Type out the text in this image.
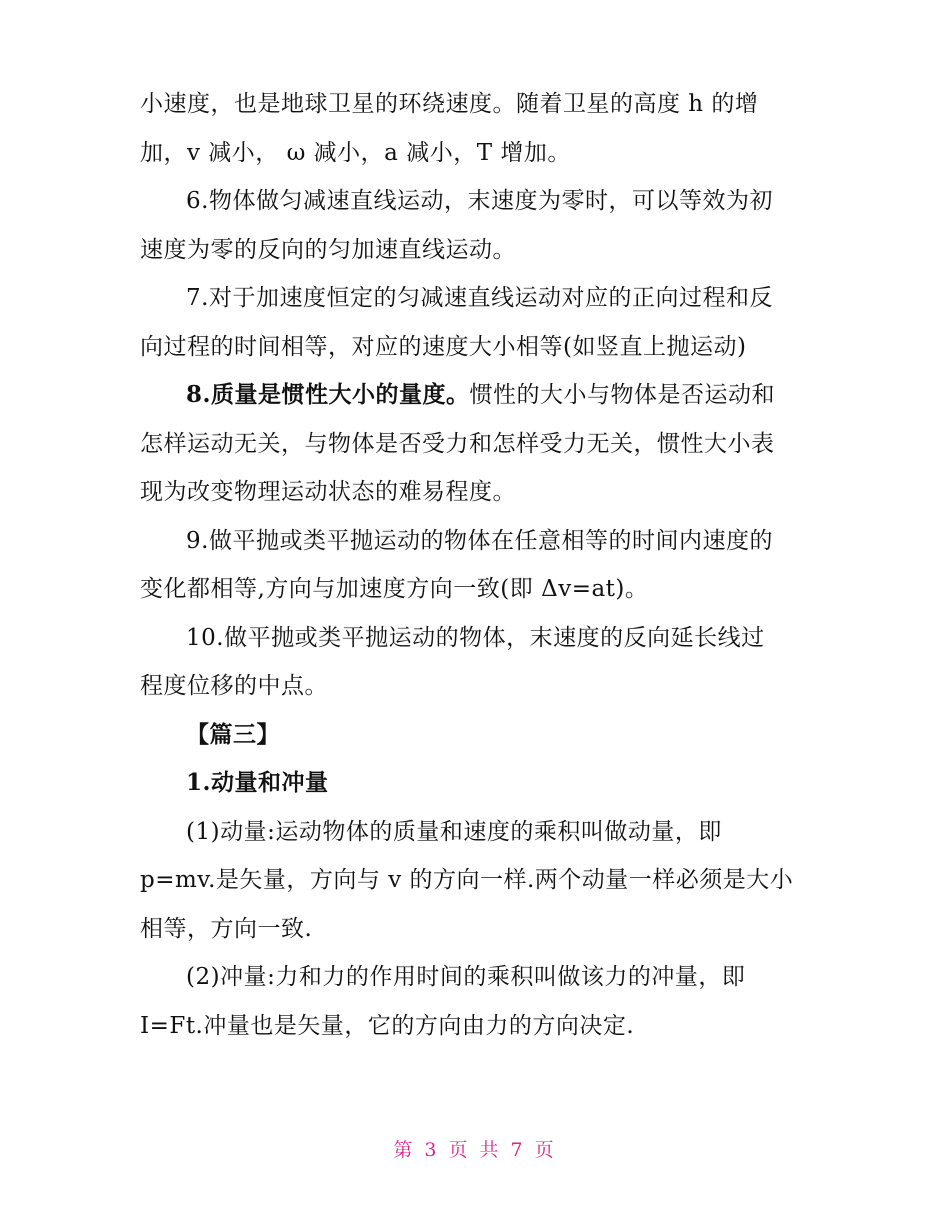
小速度，也是地球卫星的环绕速度。随着卫星的高度 h 的增
加，v 减小， ω 减小，a 减小，T 增加。
6.物体做匀减速直线运动，末速度为零时，可以等效为初
速度为零的反向的匀加速直线运动。
7.对于加速度恒定的匀减速直线运动对应的正向过程和反
向过程的时间相等，对应的速度大小相等(如竖直上抛运动)
8.质量是惯性大小的量度。惯性的大小与物体是否运动和
怎样运动无关，与物体是否受力和怎样受力无关，惯性大小表
现为改变物理运动状态的难易程度。
9.做平抛或类平抛运动的物体在任意相等的时间内速度的
变化都相等,方向与加速度方向一致(即 Δv=at)。
10.做平抛或类平抛运动的物体，末速度的反向延长线过
程度位移的中点。
【篇三】
1.动量和冲量
(1)动量:运动物体的质量和速度的乘积叫做动量，即
p=mv.是矢量，方向与 v 的方向一样.两个动量一样必须是大小
相等，方向一致.
(2)冲量:力和力的作用时间的乘积叫做该力的冲量，即
I=Ft.冲量也是矢量，它的方向由力的方向决定.
第 3 页 共 7 页
